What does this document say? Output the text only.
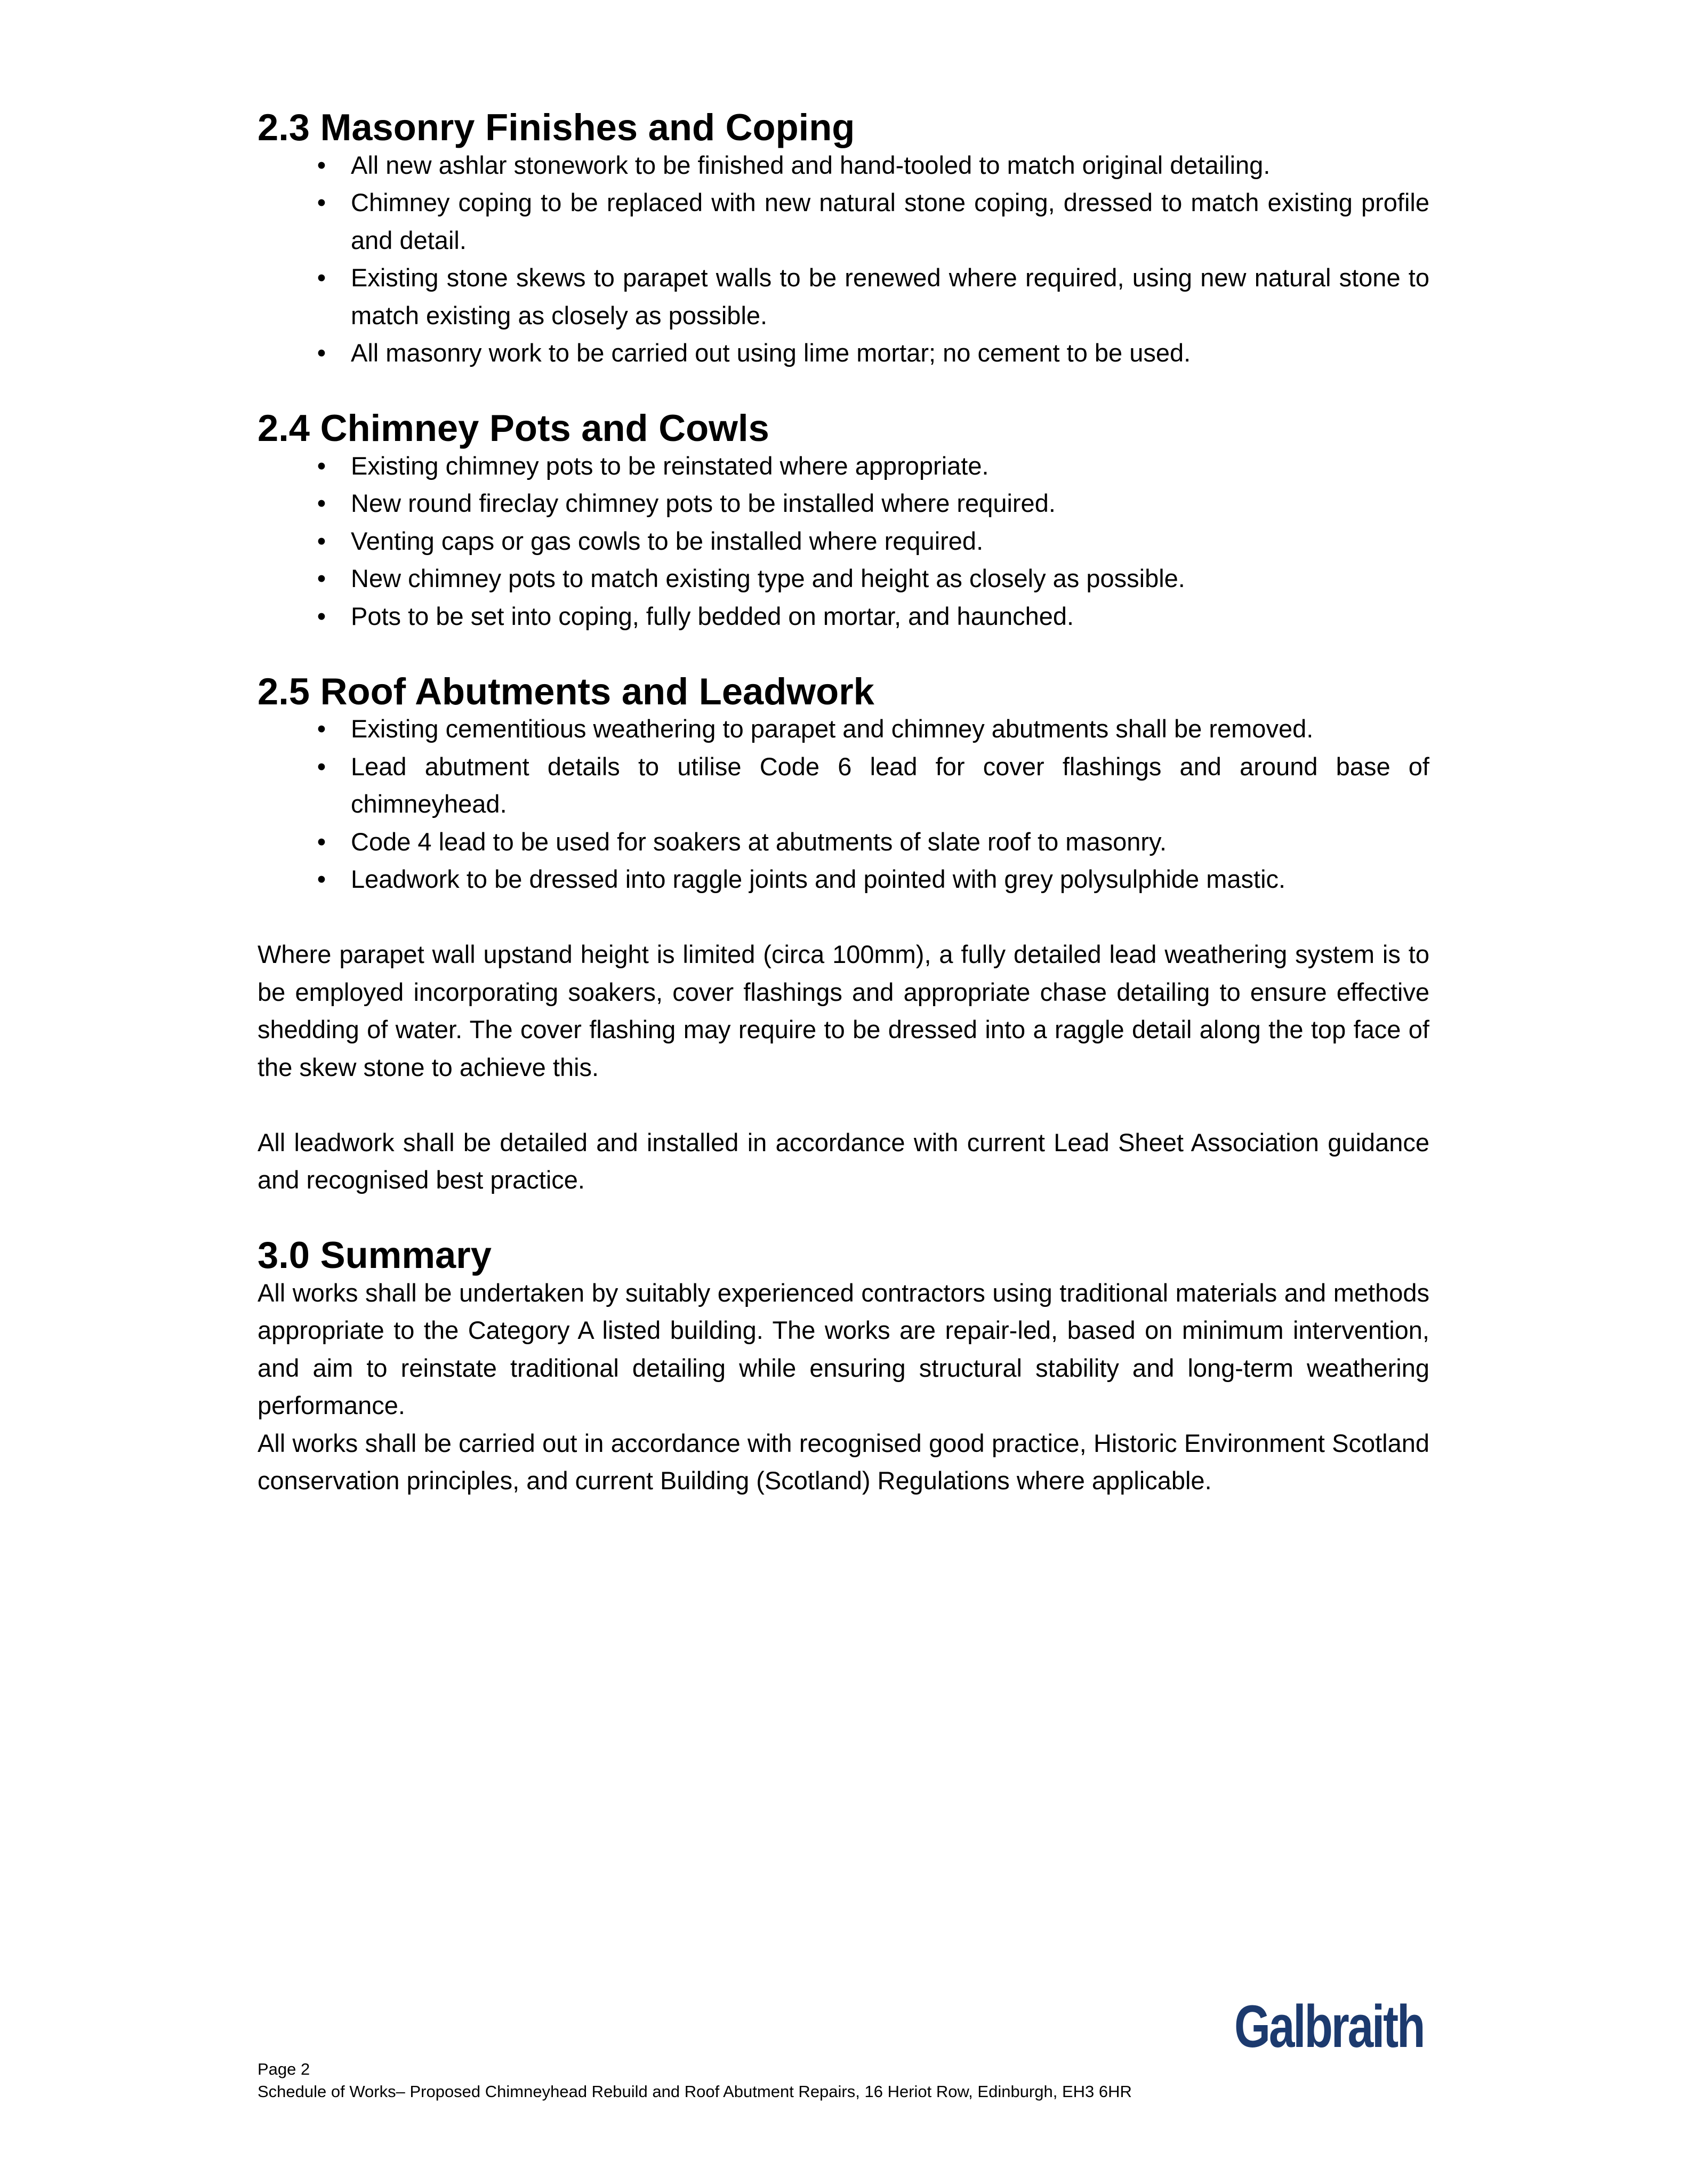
2.3 Masonry Finishes and Coping
• All new ashlar stonework to be finished and hand-tooled to match original detailing.
• Chimney coping to be replaced with new natural stone coping, dressed to match existing profile and detail.
• Existing stone skews to parapet walls to be renewed where required, using new natural stone to match existing as closely as possible.
• All masonry work to be carried out using lime mortar; no cement to be used.
2.4 Chimney Pots and Cowls
• Existing chimney pots to be reinstated where appropriate.
• New round fireclay chimney pots to be installed where required.
• Venting caps or gas cowls to be installed where required.
• New chimney pots to match existing type and height as closely as possible.
• Pots to be set into coping, fully bedded on mortar, and haunched.
2.5 Roof Abutments and Leadwork
• Existing cementitious weathering to parapet and chimney abutments shall be removed.
• Lead abutment details to utilise Code 6 lead for cover flashings and around base of chimneyhead.
• Code 4 lead to be used for soakers at abutments of slate roof to masonry.
• Leadwork to be dressed into raggle joints and pointed with grey polysulphide mastic.

Where parapet wall upstand height is limited (circa 100mm), a fully detailed lead weathering system is to be employed incorporating soakers, cover flashings and appropriate chase detailing to ensure effective shedding of water. The cover flashing may require to be dressed into a raggle detail along the top face of the skew stone to achieve this.

All leadwork shall be detailed and installed in accordance with current Lead Sheet Association guidance and recognised best practice.

3.0 Summary

All works shall be undertaken by suitably experienced contractors using traditional materials and methods appropriate to the Category A listed building. The works are repair-led, based on minimum intervention, and aim to reinstate traditional detailing while ensuring structural stability and long-term weathering performance.

All works shall be carried out in accordance with recognised good practice, Historic Environment Scotland conservation principles, and current Building (Scotland) Regulations where applicable.

Galbraith
Page 2
Schedule of Works– Proposed Chimneyhead Rebuild and Roof Abutment Repairs, 16 Heriot Row, Edinburgh, EH3 6HR
